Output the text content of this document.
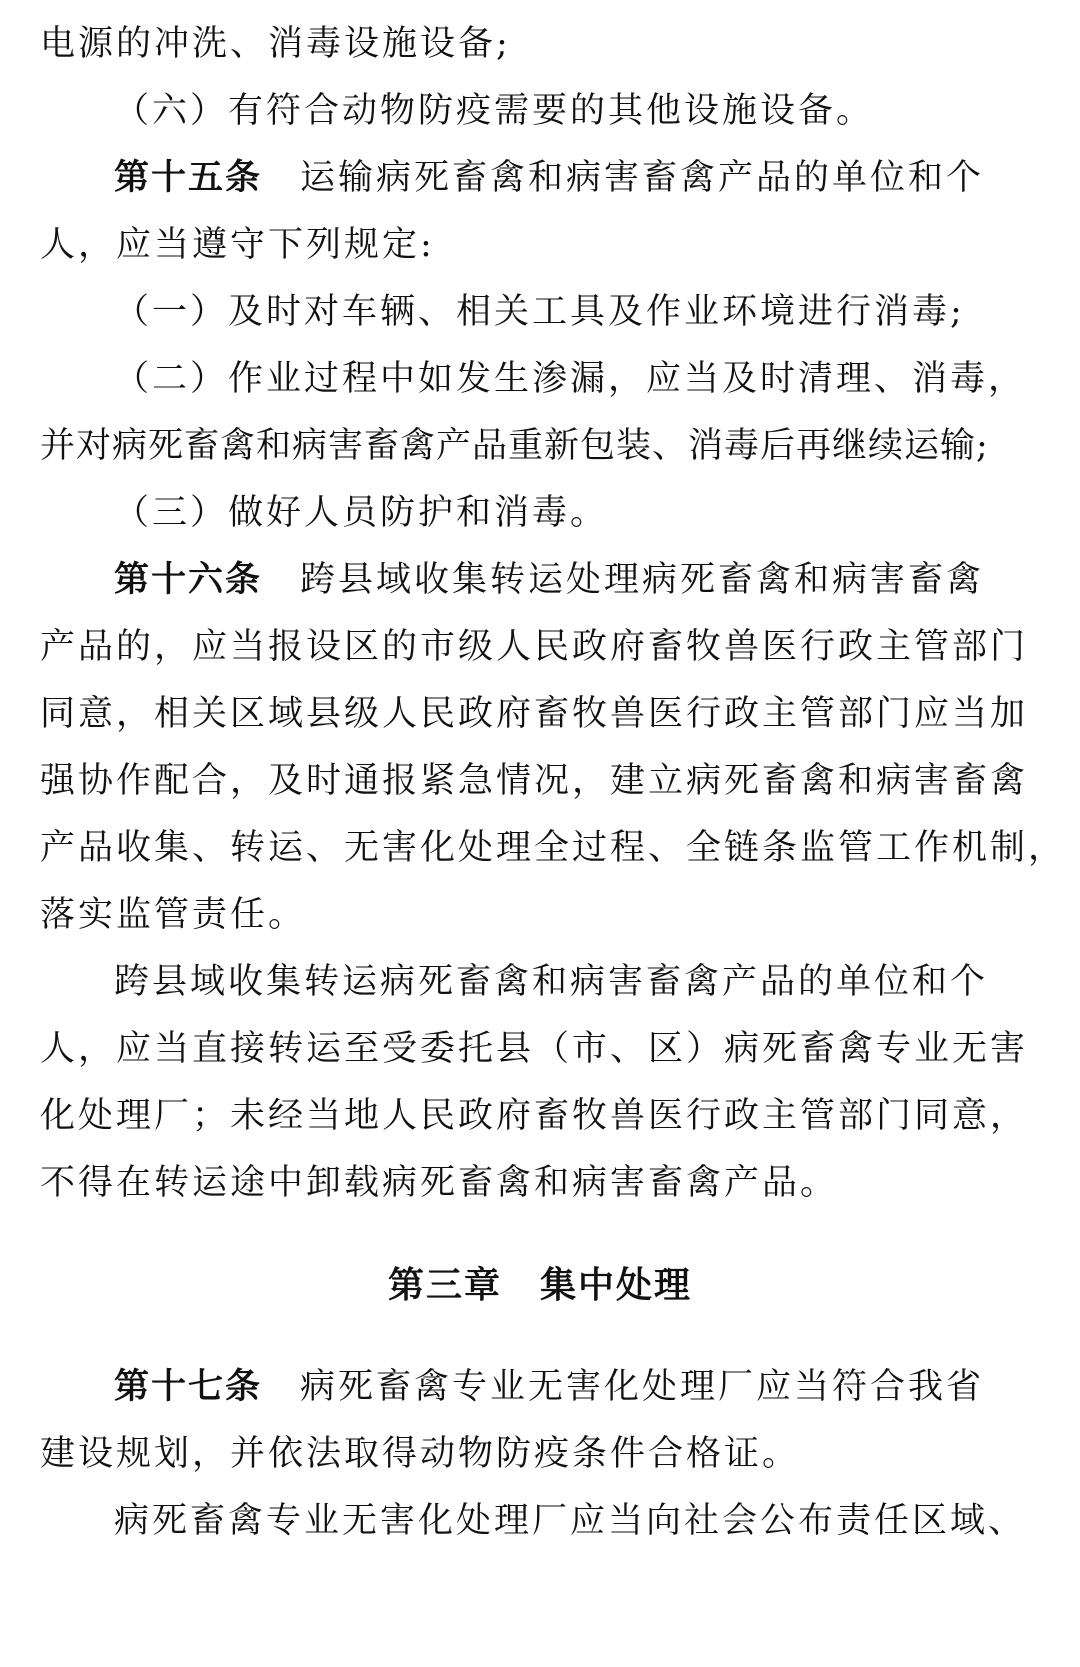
电源的冲洗、消毒设施设备;
（六）有符合动物防疫需要的其他设施设备。
第十五条 运输病死畜禽和病害畜禽产品的单位和个
人，应当遵守下列规定:
（一）及时对车辆、相关工具及作业环境进行消毒;
（二）作业过程中如发生渗漏，应当及时清理、消毒，
并对病死畜禽和病害畜禽产品重新包装、消毒后再继续运输;
（三）做好人员防护和消毒。
第十六条 跨县域收集转运处理病死畜禽和病害畜禽
产品的，应当报设区的市级人民政府畜牧兽医行政主管部门
同意，相关区域县级人民政府畜牧兽医行政主管部门应当加
强协作配合，及时通报紧急情况，建立病死畜禽和病害畜禽
产品收集、转运、无害化处理全过程、全链条监管工作机制，
落实监管责任。
跨县域收集转运病死畜禽和病害畜禽产品的单位和个
人，应当直接转运至受委托县（市、区）病死畜禽专业无害
化处理厂；未经当地人民政府畜牧兽医行政主管部门同意，
不得在转运途中卸载病死畜禽和病害畜禽产品。
第三章 集中处理
第十七条 病死畜禽专业无害化处理厂应当符合我省
建设规划，并依法取得动物防疫条件合格证。
病死畜禽专业无害化处理厂应当向社会公布责任区域、
